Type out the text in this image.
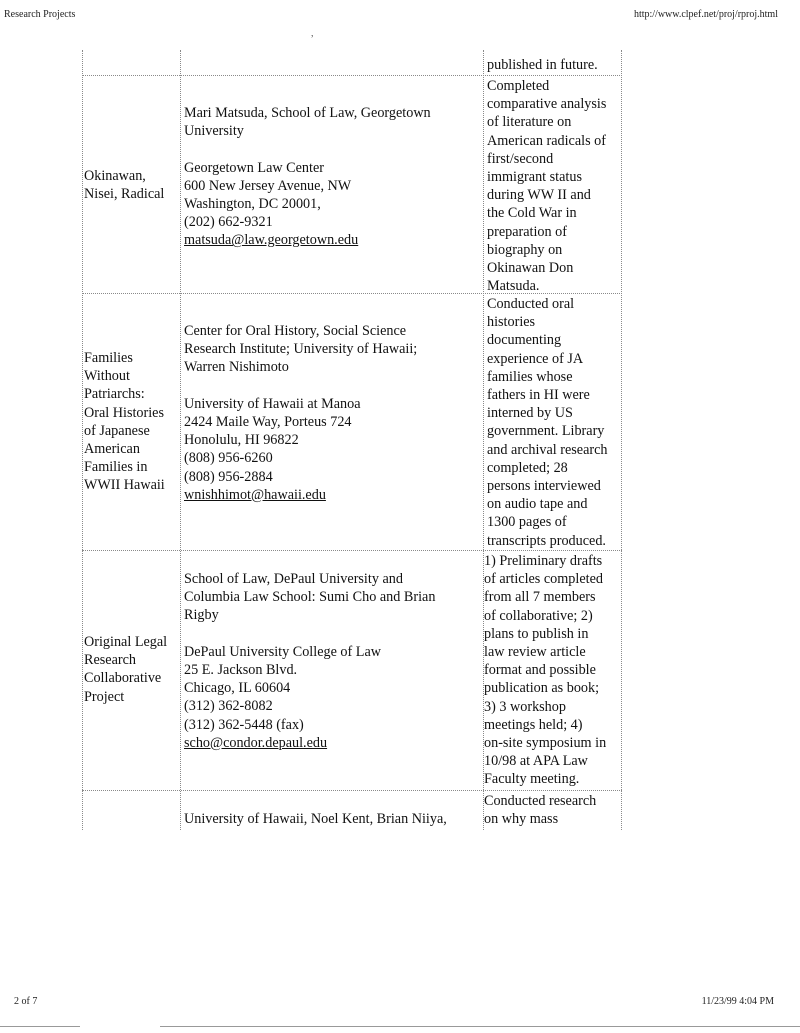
Research Projects	http://www.clpef.net/proj/rproj.html
,
published in future.
Okinawan,
Nisei, Radical
Mari Matsuda, School of Law, Georgetown
University

Georgetown Law Center
600 New Jersey Avenue, NW
Washington, DC 20001,
(202) 662-9321
matsuda@law.georgetown.edu
Completed
comparative analysis
of literature on
American radicals of
first/second
immigrant status
during WW II and
the Cold War in
preparation of
biography on
Okinawan Don
Matsuda.
Families
Without
Patriarchs:
Oral Histories
of Japanese
American
Families in
WWII Hawaii
Center for Oral History, Social Science
Research Institute; University of Hawaii;
Warren Nishimoto

University of Hawaii at Manoa
2424 Maile Way, Porteus 724
Honolulu, HI 96822
(808) 956-6260
(808) 956-2884
wnishhimot@hawaii.edu
Conducted oral
histories
documenting
experience of JA
families whose
fathers in HI were
interned by US
government. Library
and archival research
completed; 28
persons interviewed
on audio tape and
1300 pages of
transcripts produced.
Original Legal
Research
Collaborative
Project
School of Law, DePaul University and
Columbia Law School: Sumi Cho and Brian
Rigby

DePaul University College of Law
25 E. Jackson Blvd.
Chicago, IL 60604
(312) 362-8082
(312) 362-5448 (fax)
scho@condor.depaul.edu
1) Preliminary drafts
of articles completed
from all 7 members
of collaborative; 2)
plans to publish in
law review article
format and possible
publication as book;
3) 3 workshop
meetings held; 4)
on-site symposium in
10/98 at APA Law
Faculty meeting.
University of Hawaii, Noel Kent, Brian Niiya,
Conducted research
on why mass
2 of 7	11/23/99 4:04 PM
